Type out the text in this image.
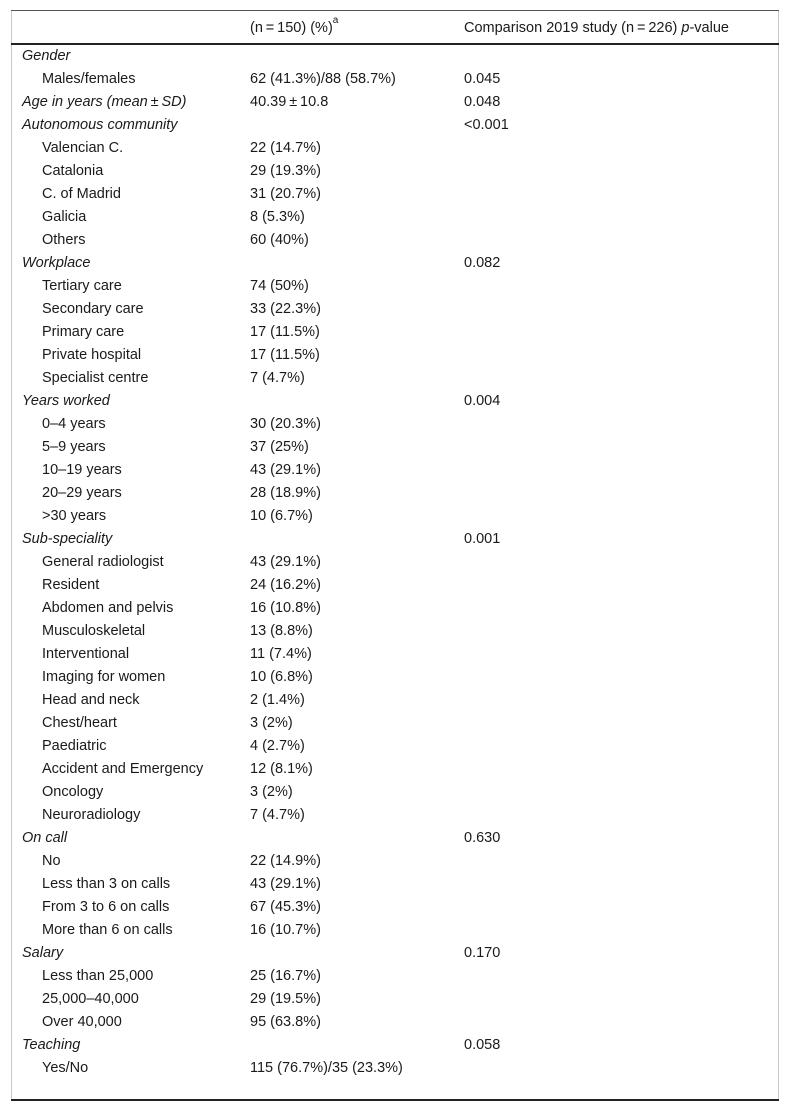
	(n = 150) (%)$^a$	Comparison 2019 study (n = 226) p-value
Gender		
Males/females	62 (41.3%)/88 (58.7%)	0.045
Age in years (mean ± SD)	40.39 ± 10.8	0.048
Autonomous community		<0.001
Valencian C.	22 (14.7%)	
Catalonia	29 (19.3%)	
C. of Madrid	31 (20.7%)	
Galicia	8 (5.3%)	
Others	60 (40%)	
Workplace		0.082
Tertiary care	74 (50%)	
Secondary care	33 (22.3%)	
Primary care	17 (11.5%)	
Private hospital	17 (11.5%)	
Specialist centre	7 (4.7%)	
Years worked		0.004
0–4 years	30 (20.3%)	
5–9 years	37 (25%)	
10–19 years	43 (29.1%)	
20–29 years	28 (18.9%)	
>30 years	10 (6.7%)	
Sub-speciality		0.001
General radiologist	43 (29.1%)	
Resident	24 (16.2%)	
Abdomen and pelvis	16 (10.8%)	
Musculoskeletal	13 (8.8%)	
Interventional	11 (7.4%)	
Imaging for women	10 (6.8%)	
Head and neck	2 (1.4%)	
Chest/heart	3 (2%)	
Paediatric	4 (2.7%)	
Accident and Emergency	12 (8.1%)	
Oncology	3 (2%)	
Neuroradiology	7 (4.7%)	
On call		0.630
No	22 (14.9%)	
Less than 3 on calls	43 (29.1%)	
From 3 to 6 on calls	67 (45.3%)	
More than 6 on calls	16 (10.7%)	
Salary		0.170
Less than 25,000	25 (16.7%)	
25,000–40,000	29 (19.5%)	
Over 40,000	95 (63.8%)	
Teaching		0.058
Yes/No	115 (76.7%)/35 (23.3%)	
